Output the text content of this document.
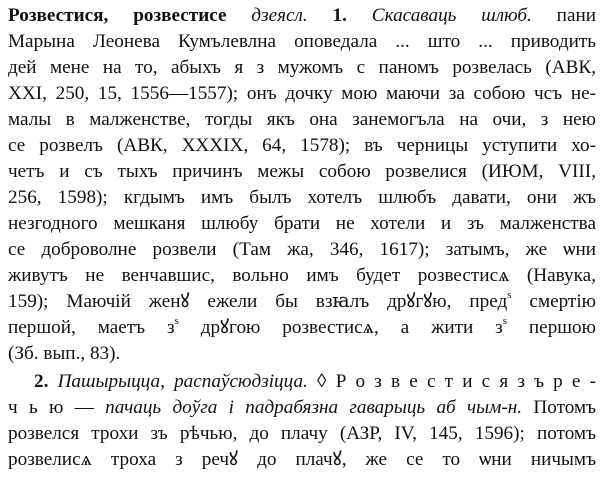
Розвестися, розвестисе дзеясл. 1. Скасаваць шлюб. пани
Марына Леонева Кумълевлна оповедала ... што ... приводить
дей мене на то, абыхъ я з мужомъ с паномъ розвелась (АВК,
XXI, 250, 15, 1556—1557); онъ дочку мою маючи за собою чсъ не-
малы в малженстве, тогды якъ она занемогъла на очи, з нею
се розвелъ (АВК, XXXIX, 64, 1578); въ черницы уступити хо-
четъ и съ тыхъ причинъ межы собою розвелися (ИЮМ, VIII,
256, 1598); кгдымъ имъ былъ хотелъ шлюбъ давати, они жъ
незгодного мешканя шлюбу брати не хотели и зъ малженства
се доброволне розвели (Там жа, 346, 1617); затымъ, же ѡни
живутъ не венчавшис, вольно имъ будет розвестисѧ (Навука,
159); Маючій женꙋ ежели бы взꙗлъ дрꙋгꙋю, пред$^s$ смертію
першой, маетъ $з^s$ дрꙋгою розвестисѧ, а жити $з^s$ першою
(Зб. вып., 83).
2. Пашырыцца, распаўсюдзіцца. ◊ Р о з в е с т и с я з ъ р е -
ч ь ю — пачаць доўга і падрабязна гаварыць аб чым-н. Потомъ
розвелся трохи зъ рѣчью, до плачу (АЗР, IV, 145, 1596); потомъ
розвелисѧ троха з речꙋ до плачꙋ, же се то ѡни ничымъ
